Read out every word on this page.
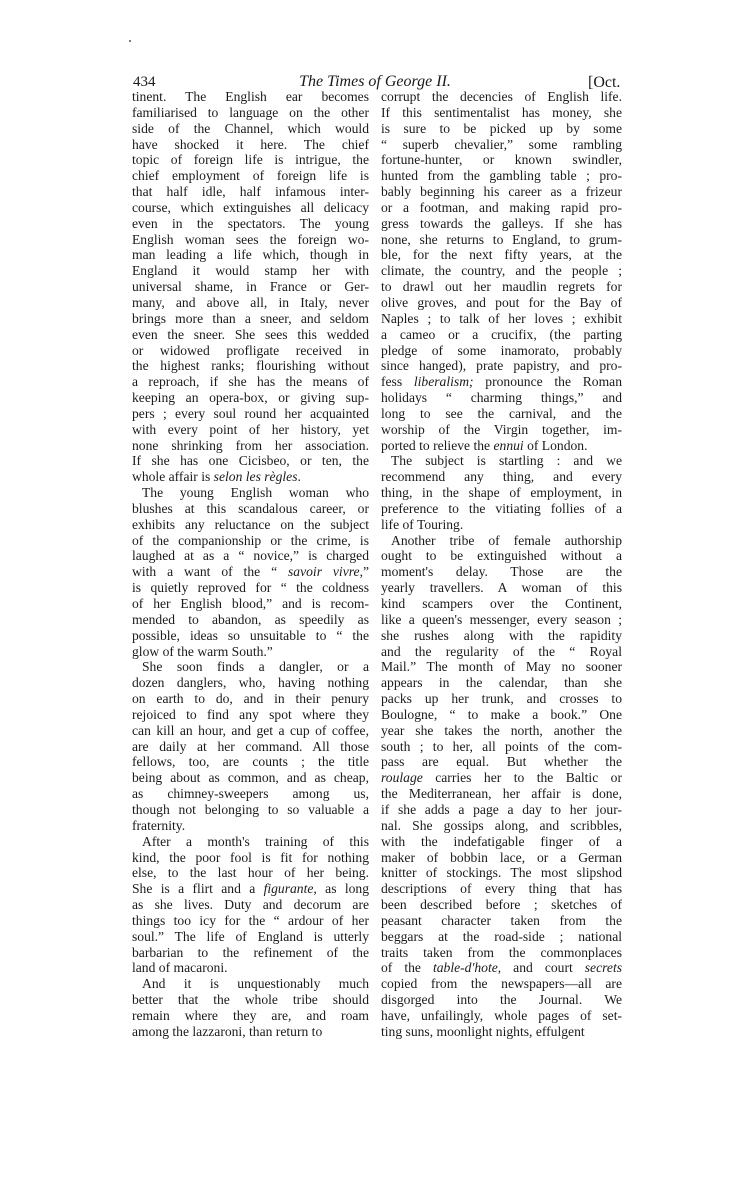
434	The Times of George II.	[Oct.
tinent. The English ear becomes
familiarised to language on the other
side of the Channel, which would
have shocked it here. The chief
topic of foreign life is intrigue, the
chief employment of foreign life is
that half idle, half infamous inter-
course, which extinguishes all delicacy
even in the spectators. The young
English woman sees the foreign wo-
man leading a life which, though in
England it would stamp her with
universal shame, in France or Ger-
many, and above all, in Italy, never
brings more than a sneer, and seldom
even the sneer. She sees this wedded
or widowed profligate received in
the highest ranks; flourishing without
a reproach, if she has the means of
keeping an opera-box, or giving sup-
pers ; every soul round her acquainted
with every point of her history, yet
none shrinking from her association.
If she has one Cicisbeo, or ten, the
whole affair is selon les règles.
The young English woman who
blushes at this scandalous career, or
exhibits any reluctance on the subject
of the companionship or the crime, is
laughed at as a “ novice,” is charged
with a want of the “ savoir vivre,”
is quietly reproved for “ the coldness
of her English blood,” and is recom-
mended to abandon, as speedily as
possible, ideas so unsuitable to “ the
glow of the warm South.”
She soon finds a dangler, or a
dozen danglers, who, having nothing
on earth to do, and in their penury
rejoiced to find any spot where they
can kill an hour, and get a cup of coffee,
are daily at her command. All those
fellows, too, are counts ; the title
being about as common, and as cheap,
as chimney-sweepers among us,
though not belonging to so valuable a
fraternity.
After a month's training of this
kind, the poor fool is fit for nothing
else, to the last hour of her being.
She is a flirt and a figurante, as long
as she lives. Duty and decorum are
things too icy for the “ ardour of her
soul.” The life of England is utterly
barbarian to the refinement of the
land of macaroni.
And it is unquestionably much
better that the whole tribe should
remain where they are, and roam
among the lazzaroni, than return to
corrupt the decencies of English life.
If this sentimentalist has money, she
is sure to be picked up by some
“ superb chevalier,” some rambling
fortune-hunter, or known swindler,
hunted from the gambling table ; pro-
bably beginning his career as a frizeur
or a footman, and making rapid pro-
gress towards the galleys. If she has
none, she returns to England, to grum-
ble, for the next fifty years, at the
climate, the country, and the people ;
to drawl out her maudlin regrets for
olive groves, and pout for the Bay of
Naples ; to talk of her loves ; exhibit
a cameo or a crucifix, (the parting
pledge of some inamorato, probably
since hanged), prate papistry, and pro-
fess liberalism; pronounce the Roman
holidays “ charming things,” and
long to see the carnival, and the
worship of the Virgin together, im-
ported to relieve the ennui of London.
The subject is startling : and we
recommend any thing, and every
thing, in the shape of employment, in
preference to the vitiating follies of a
life of Touring.
Another tribe of female authorship
ought to be extinguished without a
moment's delay. Those are the
yearly travellers. A woman of this
kind scampers over the Continent,
like a queen's messenger, every season ;
she rushes along with the rapidity
and the regularity of the “ Royal
Mail.” The month of May no sooner
appears in the calendar, than she
packs up her trunk, and crosses to
Boulogne, “ to make a book.” One
year she takes the north, another the
south ; to her, all points of the com-
pass are equal. But whether the
roulage carries her to the Baltic or
the Mediterranean, her affair is done,
if she adds a page a day to her jour-
nal. She gossips along, and scribbles,
with the indefatigable finger of a
maker of bobbin lace, or a German
knitter of stockings. The most slipshod
descriptions of every thing that has
been described before ; sketches of
peasant character taken from the
beggars at the road-side ; national
traits taken from the commonplaces
of the table-d'hote, and court secrets
copied from the newspapers—all are
disgorged into the Journal. We
have, unfailingly, whole pages of set-
ting suns, moonlight nights, effulgent
